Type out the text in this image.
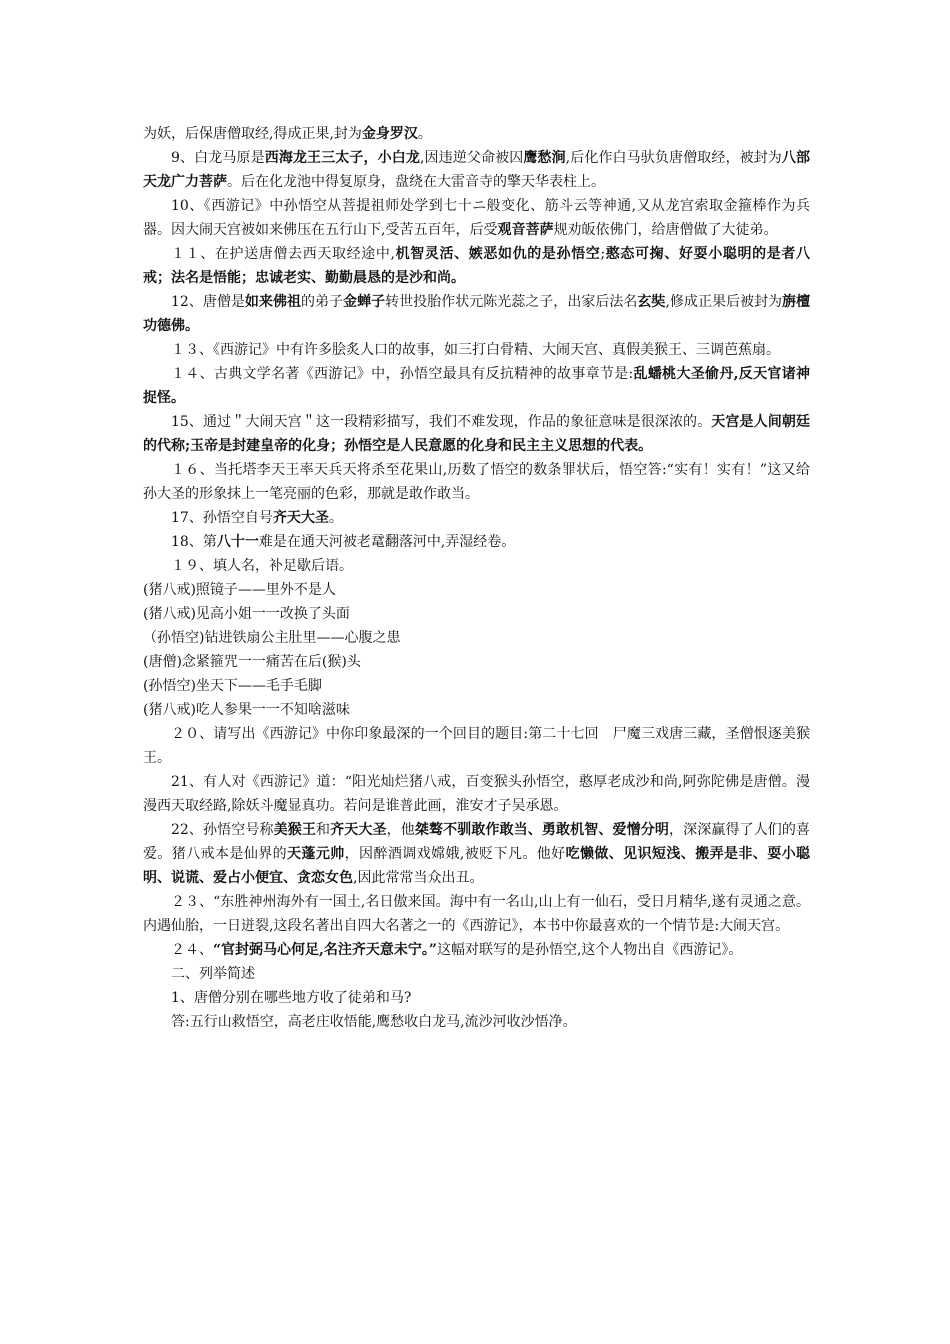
为妖，后保唐僧取经,得成正果,封为金身罗汉。

9、白龙马原是西海龙王三太子，小白龙,因违逆父命被囚鹰愁涧,后化作白马驮负唐僧取经，被封为八部天龙广力菩萨。后在化龙池中得复原身，盘绕在大雷音寺的擎天华表柱上。

10、《西游记》中孙悟空从菩提祖师处学到七十ニ般变化、筋斗云等神通,又从龙宫索取金箍棒作为兵器。因大闹天宫被如来佛压在五行山下,受苦五百年，后受观音菩萨规劝皈依佛门，给唐僧做了大徒弟。

１１、在护送唐僧去西天取经途中,机智灵活、嫉恶如仇的是孙悟空;憨态可掬、好耍小聪明的是者八戒；法名是悟能；忠诚老实、勤勤晨恳的是沙和尚。

12、唐僧是如来佛祖的弟子金蝉子转世投胎作状元陈光蕊之子，出家后法名玄奘,修成正果后被封为旃檀功德佛。

１３、《西游记》中有许多脍炙人口的故事，如三打白骨精、大闹天宫、真假美猴王、三调芭蕉扇。

１４、古典文学名著《西游记》中，孙悟空最具有反抗精神的故事章节是:乱蟠桃大圣偷丹,反天官诸神捉怪。

15、通过＂大闹天宫＂这一段精彩描写，我们不难发现，作品的象征意味是很深浓的。天宫是人间朝廷的代称;玉帝是封建皇帝的化身；孙悟空是人民意愿的化身和民主主义思想的代表。

１６、当托塔李天王率天兵天将杀至花果山,历数了悟空的数条罪状后，悟空答:“实有！实有！”这又给孙大圣的形象抹上一笔亮丽的色彩，那就是敢作敢当。

17、孙悟空自号齐天大圣。

18、第八十一难是在通天河被老鼋翻落河中,弄湿经卷。

１９、填人名，补足歇后语。

(猪八戒)照镜子——里外不是人

(猪八戒)见高小姐一一改换了头面

（孙悟空)钻进铁扇公主肚里——心腹之患

(唐僧)念紧箍咒一一痛苦在后(猴)头

(孙悟空)坐天下——毛手毛脚

(猪八戒)吃人参果一一不知啥滋味

２０、请写出《西游记》中你印象最深的一个回目的题目:第二十七回　尸魔三戏唐三藏，圣僧恨逐美猴王。

21、有人对《西游记》道：“阳光灿烂猪八戒，百变猴头孙悟空，憨厚老成沙和尚,阿弥陀佛是唐僧。漫漫西天取经路,除妖斗魔显真功。若问是谁普此画，淮安才子吴承恩。

22、孙悟空号称美猴王和齐天大圣，他桀骜不驯敢作敢当、勇敢机智、爱憎分明，深深赢得了人们的喜爱。猪八戒本是仙界的天蓬元帅，因醉酒调戏嫦娥,被贬下凡。他好吃懒做、见识短浅、搬弄是非、耍小聪明、说谎、爱占小便宜、贪恋女色,因此常常当众出丑。

２３、“东胜神州海外有一国土,名日傲来国。海中有一名山,山上有一仙石，受日月精华,遂有灵通之意。内遇仙胎，一日迸裂,这段名著出自四大名著之一的《西游记》，本书中你最喜欢的一个情节是:大闹天宫。

２４、“官封弼马心何足,名注齐天意未宁。”这幅对联写的是孙悟空,这个人物出自《西游记》。

二、列举简述

1、唐僧分别在哪些地方收了徒弟和马?

答:五行山救悟空，高老庄收悟能,鹰愁收白龙马,流沙河收沙悟净。
